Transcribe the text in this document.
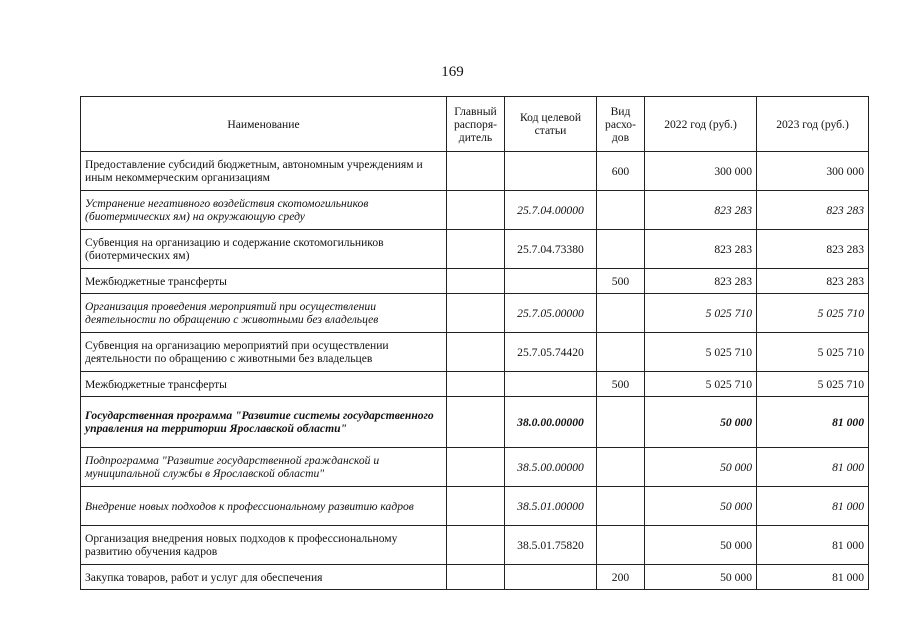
169
Наименование	Главный распоря-дитель	Код целевой статьи	Вид расхо-дов	2022 год (руб.)	2023 год (руб.)
Предоставление субсидий бюджетным, автономным учреждениям и иным некоммерческим организациям			600	300 000	300 000
Устранение негативного воздействия скотомогильников (биотермических ям) на окружающую среду		25.7.04.00000		823 283	823 283
Субвенция на организацию и содержание скотомогильников (биотермических ям)		25.7.04.73380		823 283	823 283
Межбюджетные трансферты			500	823 283	823 283
Организация проведения мероприятий при осуществлении деятельности по обращению с животными без владельцев		25.7.05.00000		5 025 710	5 025 710
Субвенция на организацию мероприятий при осуществлении деятельности по обращению с животными без владельцев		25.7.05.74420		5 025 710	5 025 710
Межбюджетные трансферты			500	5 025 710	5 025 710
Государственная программа "Развитие системы государственного управления на территории Ярославской области"		38.0.00.00000		50 000	81 000
Подпрограмма "Развитие государственной гражданской и муниципальной службы в Ярославской области"		38.5.00.00000		50 000	81 000
Внедрение новых подходов к профессиональному развитию кадров		38.5.01.00000		50 000	81 000
Организация внедрения новых подходов к профессиональному развитию обучения кадров		38.5.01.75820		50 000	81 000
Закупка товаров, работ и услуг для обеспечения			200	50 000	81 000
